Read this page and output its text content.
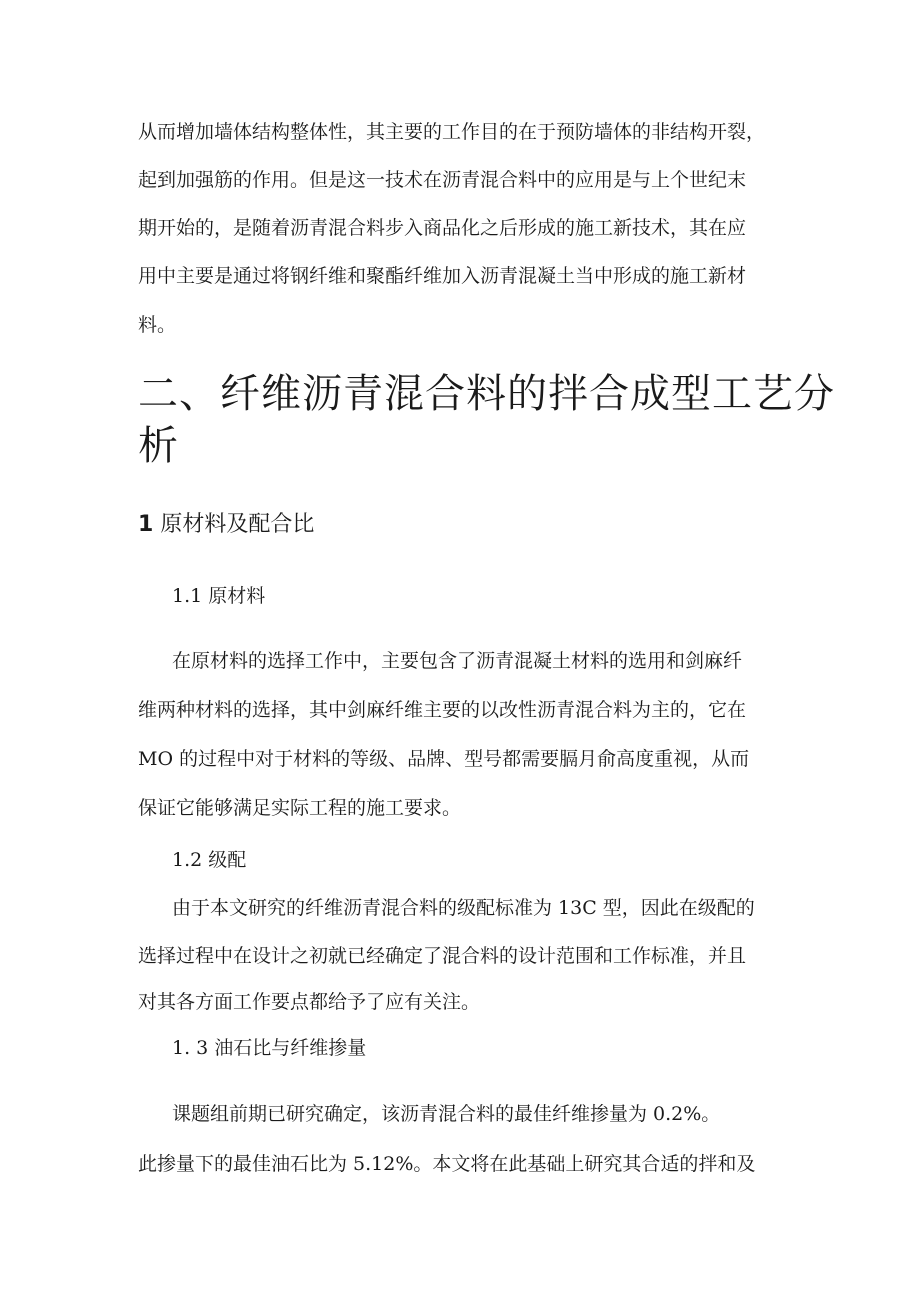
从而增加墙体结构整体性，其主要的工作目的在于预防墙体的非结构开裂，

起到加强筋的作用。但是这一技术在沥青混合料中的应用是与上个世纪末

期开始的，是随着沥青混合料步入商品化之后形成的施工新技术，其在应

用中主要是通过将钢纤维和聚酯纤维加入沥青混凝土当中形成的施工新材

料。

二、纤维沥青混合料的拌合成型工艺分
析
1 原材料及配合比

1.1 原材料

在原材料的选择工作中，主要包含了沥青混凝土材料的选用和剑麻纤

维两种材料的选择，其中剑麻纤维主要的以改性沥青混合料为主的，它在

MO 的过程中对于材料的等级、品牌、型号都需要膈月俞高度重视，从而

保证它能够满足实际工程的施工要求。

1.2 级配

由于本文研究的纤维沥青混合料的级配标准为 13C 型，因此在级配的

选择过程中在设计之初就已经确定了混合料的设计范围和工作标准，并且

对其各方面工作要点都给予了应有关注。

1. 3 油石比与纤维掺量

课题组前期已研究确定，该沥青混合料的最佳纤维掺量为 0.2%。

此掺量下的最佳油石比为 5.12%。本文将在此基础上研究其合适的拌和及
